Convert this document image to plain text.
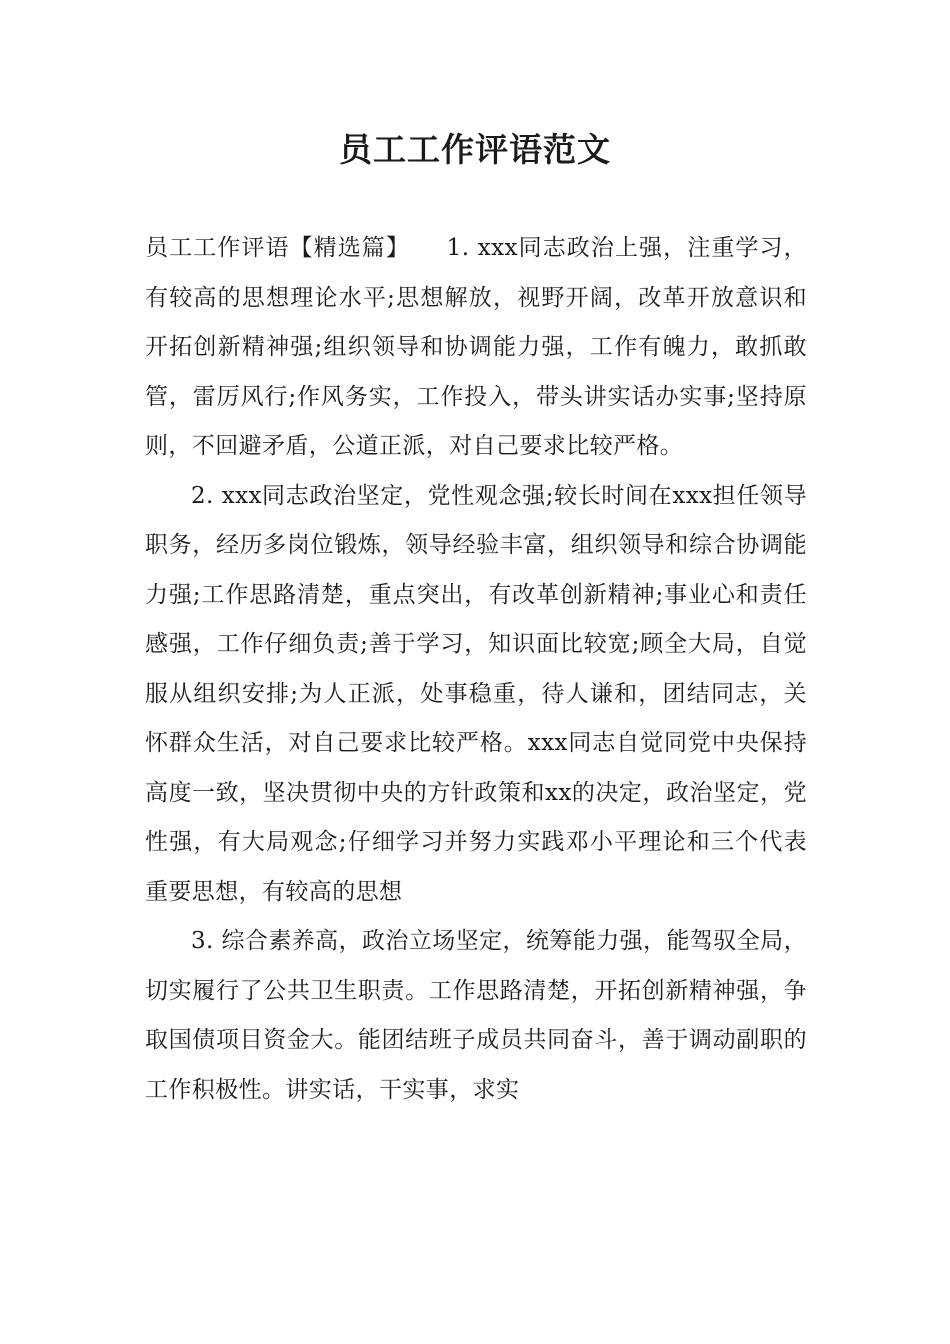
员工工作评语范文

员工工作评语【精选篇】　　1. xxx同志政治上强，注重学习，有较高的思想理论水平;思想解放，视野开阔，改革开放意识和开拓创新精神强;组织领导和协调能力强，工作有魄力，敢抓敢管，雷厉风行;作风务实，工作投入，带头讲实话办实事;坚持原则，不回避矛盾，公道正派，对自己要求比较严格。

2. xxx同志政治坚定，党性观念强;较长时间在xxx担任领导职务，经历多岗位锻炼，领导经验丰富，组织领导和综合协调能力强;工作思路清楚，重点突出，有改革创新精神;事业心和责任感强，工作仔细负责;善于学习，知识面比较宽;顾全大局，自觉服从组织安排;为人正派，处事稳重，待人谦和，团结同志，关怀群众生活，对自己要求比较严格。xxx同志自觉同党中央保持高度一致，坚决贯彻中央的方针政策和xx的决定，政治坚定，党性强，有大局观念;仔细学习并努力实践邓小平理论和三个代表重要思想，有较高的思想

3. 综合素养高，政治立场坚定，统筹能力强，能驾驭全局，切实履行了公共卫生职责。工作思路清楚，开拓创新精神强，争取国债项目资金大。能团结班子成员共同奋斗，善于调动副职的工作积极性。讲实话，干实事，求实
